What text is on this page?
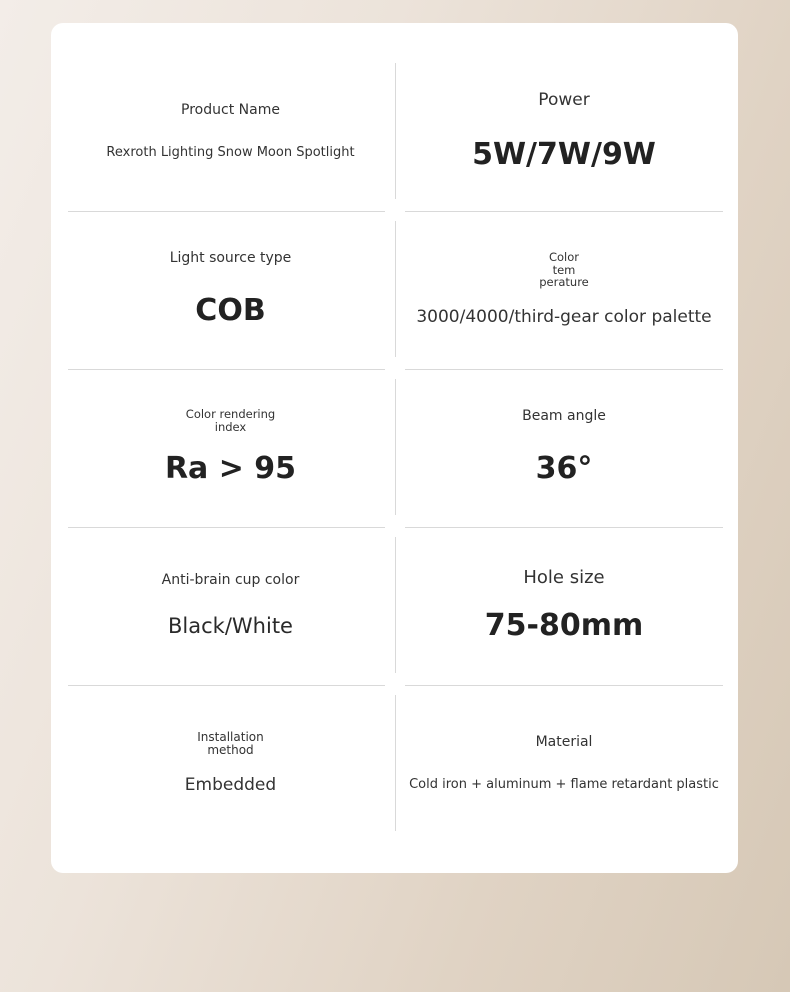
Product Name
Rexroth Lighting Snow Moon Spotlight
Power
5W/7W/9W
Light source type
COB
Color tem perature
3000/4000/third-gear color palette
Color rendering index
Ra > 95
Beam angle
36°
Anti-brain cup color
Black/White
Hole size
75-80mm
Installation method
Embedded
Material
Cold iron + aluminum + flame retardant plastic
